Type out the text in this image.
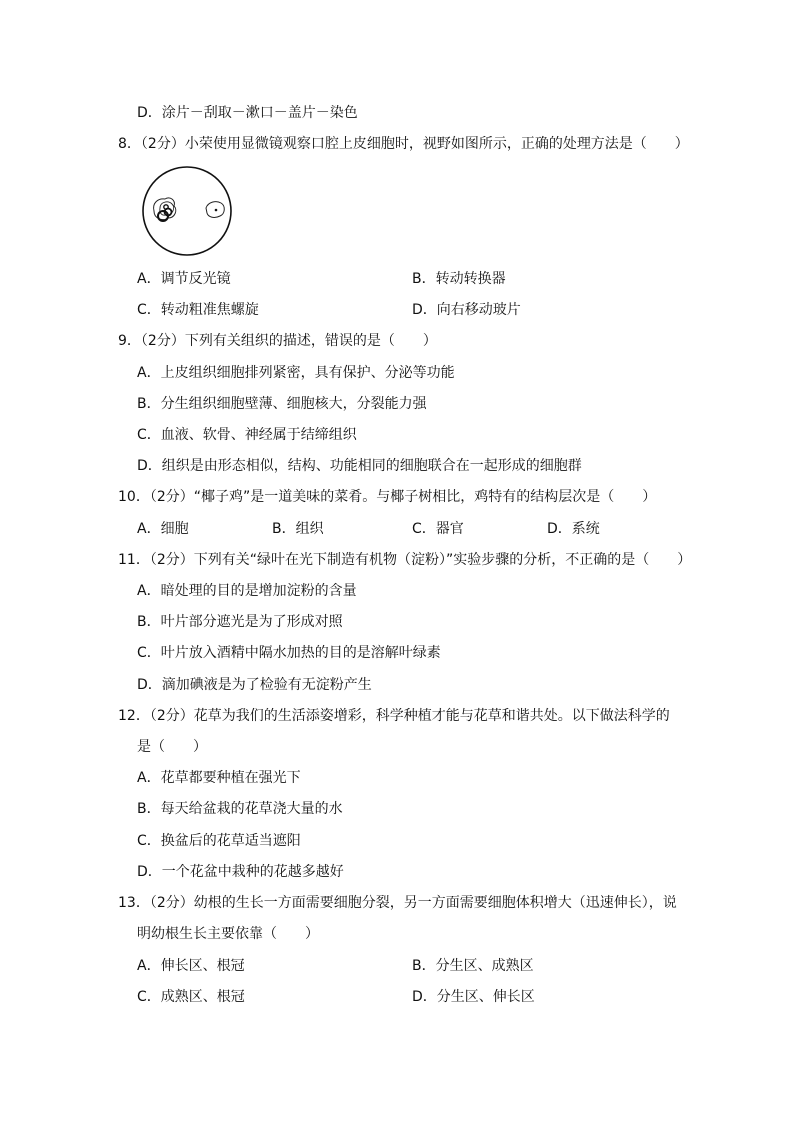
D．涂片－刮取－漱口－盖片－染色
8．（2分）小荣使用显微镜观察口腔上皮细胞时，视野如图所示，正确的处理方法是（　　）
A．调节反光镜	B．转动转换器
C．转动粗准焦螺旋	D．向右移动玻片
9．（2分）下列有关组织的描述，错误的是（　　）
A．上皮组织细胞排列紧密，具有保护、分泌等功能
B．分生组织细胞壁薄、细胞核大，分裂能力强
C．血液、软骨、神经属于结缔组织
D．组织是由形态相似，结构、功能相同的细胞联合在一起形成的细胞群
10．（2分）“椰子鸡”是一道美味的菜肴。与椰子树相比，鸡特有的结构层次是（　　）
A．细胞	B．组织	C．器官	D．系统
11．（2分）下列有关“绿叶在光下制造有机物（淀粉）”实验步骤的分析，不正确的是（　　）
A．暗处理的目的是增加淀粉的含量
B．叶片部分遮光是为了形成对照
C．叶片放入酒精中隔水加热的目的是溶解叶绿素
D．滴加碘液是为了检验有无淀粉产生
12．（2分）花草为我们的生活添姿增彩，科学种植才能与花草和谐共处。以下做法科学的
是（　　）
A．花草都要种植在强光下
B．每天给盆栽的花草浇大量的水
C．换盆后的花草适当遮阳
D．一个花盆中栽种的花越多越好
13．（2分）幼根的生长一方面需要细胞分裂，另一方面需要细胞体积增大（迅速伸长），说
明幼根生长主要依靠（　　）
A．伸长区、根冠	B．分生区、成熟区
C．成熟区、根冠	D．分生区、伸长区
